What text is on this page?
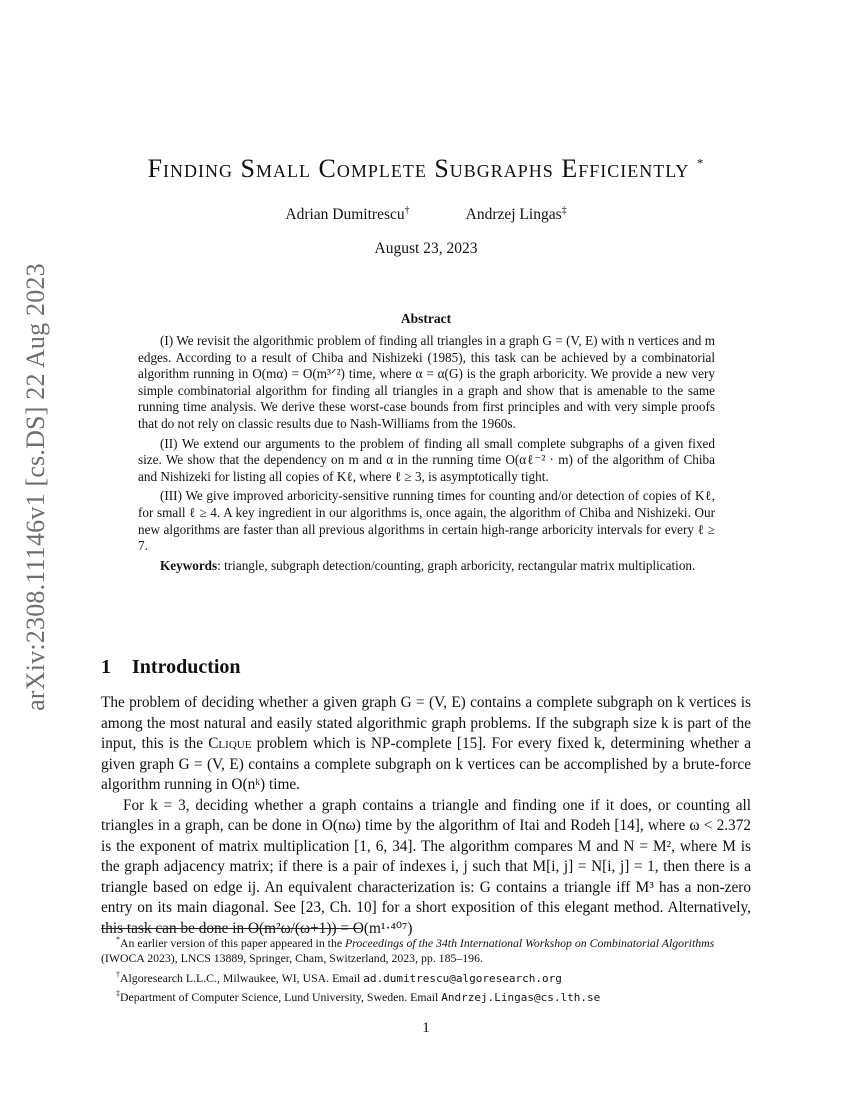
arXiv:2308.11146v1 [cs.DS] 22 Aug 2023
Finding Small Complete Subgraphs Efficiently *
Adrian Dumitrescu†	Andrzej Lingas‡
August 23, 2023
Abstract

(I) We revisit the algorithmic problem of finding all triangles in a graph G = (V, E) with n vertices and m edges. According to a result of Chiba and Nishizeki (1985), this task can be achieved by a combinatorial algorithm running in O(mα) = O(m³ᐟ²) time, where α = α(G) is the graph arboricity. We provide a new very simple combinatorial algorithm for finding all triangles in a graph and show that is amenable to the same running time analysis. We derive these worst-case bounds from first principles and with very simple proofs that do not rely on classic results due to Nash-Williams from the 1960s.

(II) We extend our arguments to the problem of finding all small complete subgraphs of a given fixed size. We show that the dependency on m and α in the running time O(αℓ⁻² · m) of the algorithm of Chiba and Nishizeki for listing all copies of Kℓ, where ℓ ≥ 3, is asymptotically tight.

(III) We give improved arboricity-sensitive running times for counting and/or detection of copies of Kℓ, for small ℓ ≥ 4. A key ingredient in our algorithms is, once again, the algorithm of Chiba and Nishizeki. Our new algorithms are faster than all previous algorithms in certain high-range arboricity intervals for every ℓ ≥ 7.

Keywords: triangle, subgraph detection/counting, graph arboricity, rectangular matrix multiplication.

1 Introduction

The problem of deciding whether a given graph G = (V, E) contains a complete subgraph on k vertices is among the most natural and easily stated algorithmic graph problems. If the subgraph size k is part of the input, this is the Clique problem which is NP-complete [15]. For every fixed k, determining whether a given graph G = (V, E) contains a complete subgraph on k vertices can be accomplished by a brute-force algorithm running in O(nᵏ) time.

For k = 3, deciding whether a graph contains a triangle and finding one if it does, or counting all triangles in a graph, can be done in O(nω) time by the algorithm of Itai and Rodeh [14], where ω < 2.372 is the exponent of matrix multiplication [1, 6, 34]. The algorithm compares M and N = M², where M is the graph adjacency matrix; if there is a pair of indexes i, j such that M[i, j] = N[i, j] = 1, then there is a triangle based on edge ij. An equivalent characterization is: G contains a triangle iff M³ has a non-zero entry on its main diagonal. See [23, Ch. 10] for a short exposition of this elegant method. Alternatively, this task can be done in O(m²ω/(ω+1)) = O(m¹·⁴⁰⁷)

*An earlier version of this paper appeared in the Proceedings of the 34th International Workshop on Combinatorial Algorithms (IWOCA 2023), LNCS 13889, Springer, Cham, Switzerland, 2023, pp. 185–196.

†Algoresearch L.L.C., Milwaukee, WI, USA. Email ad.dumitrescu@algoresearch.org

‡Department of Computer Science, Lund University, Sweden. Email Andrzej.Lingas@cs.lth.se

1
